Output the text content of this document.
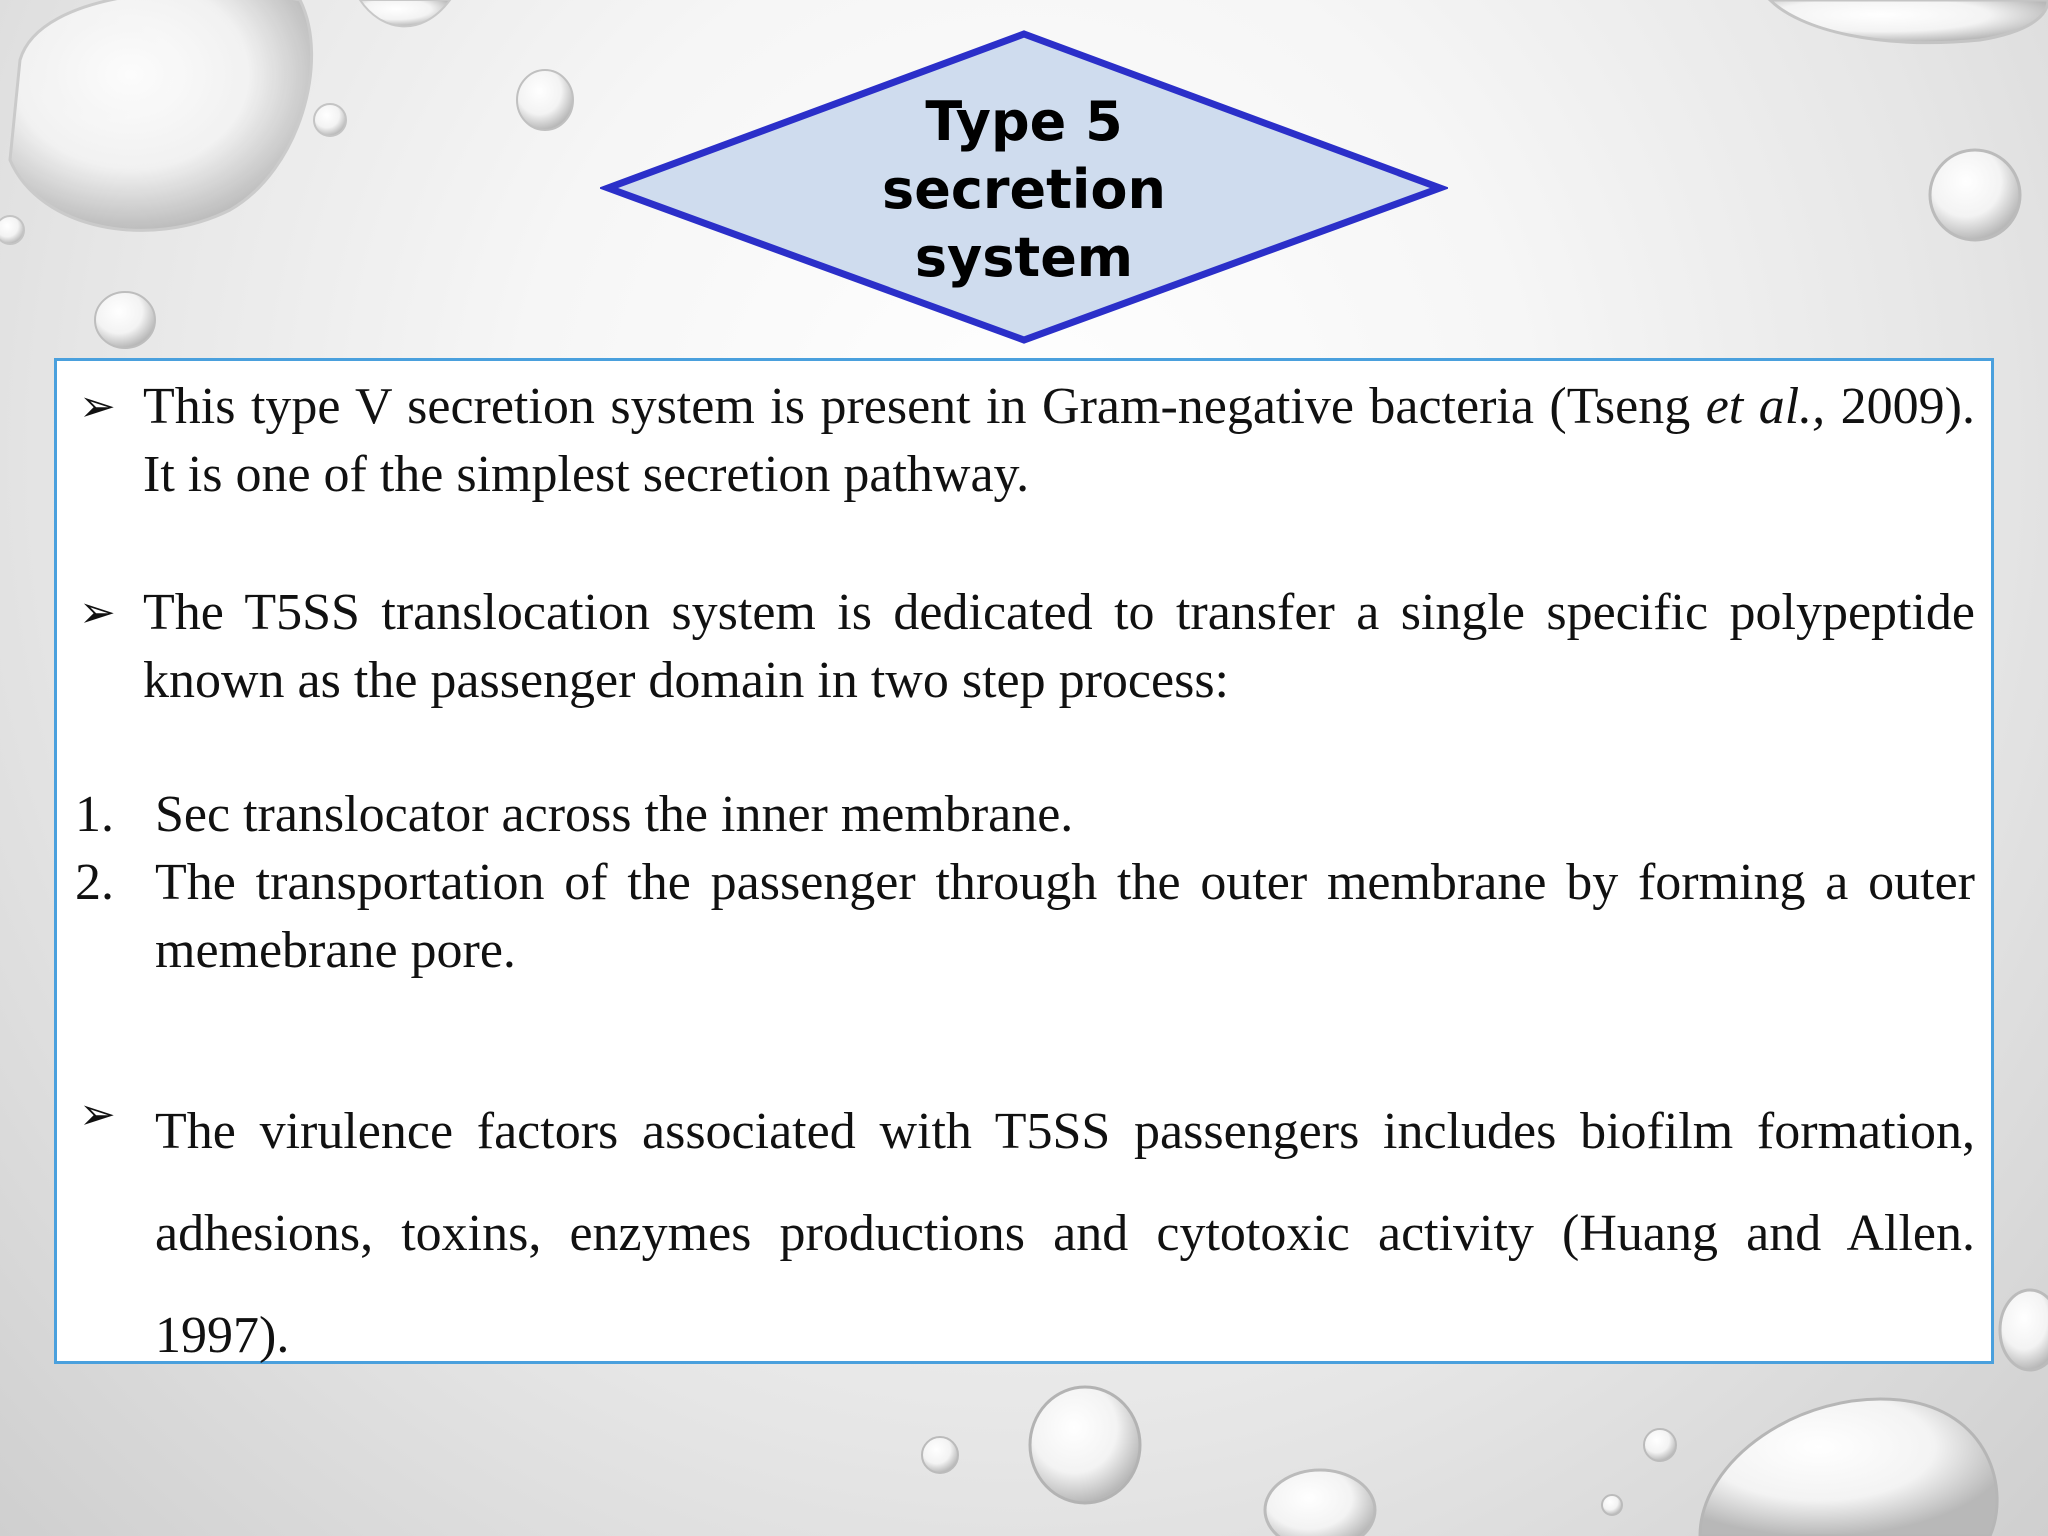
Type 5
secretion
system
➢ This type V secretion system is present in Gram-negative bacteria (Tseng et al., 2009). It is one of the simplest secretion pathway.
➢ The T5SS translocation system is dedicated to transfer a single specific polypeptide known as the passenger domain in two step process:
1. Sec translocator across the inner membrane.
2. The transportation of the passenger through the outer membrane by forming a outer memebrane pore.
➢ The virulence factors associated with T5SS passengers includes biofilm formation, adhesions, toxins, enzymes productions and cytotoxic activity (Huang and Allen. 1997).
